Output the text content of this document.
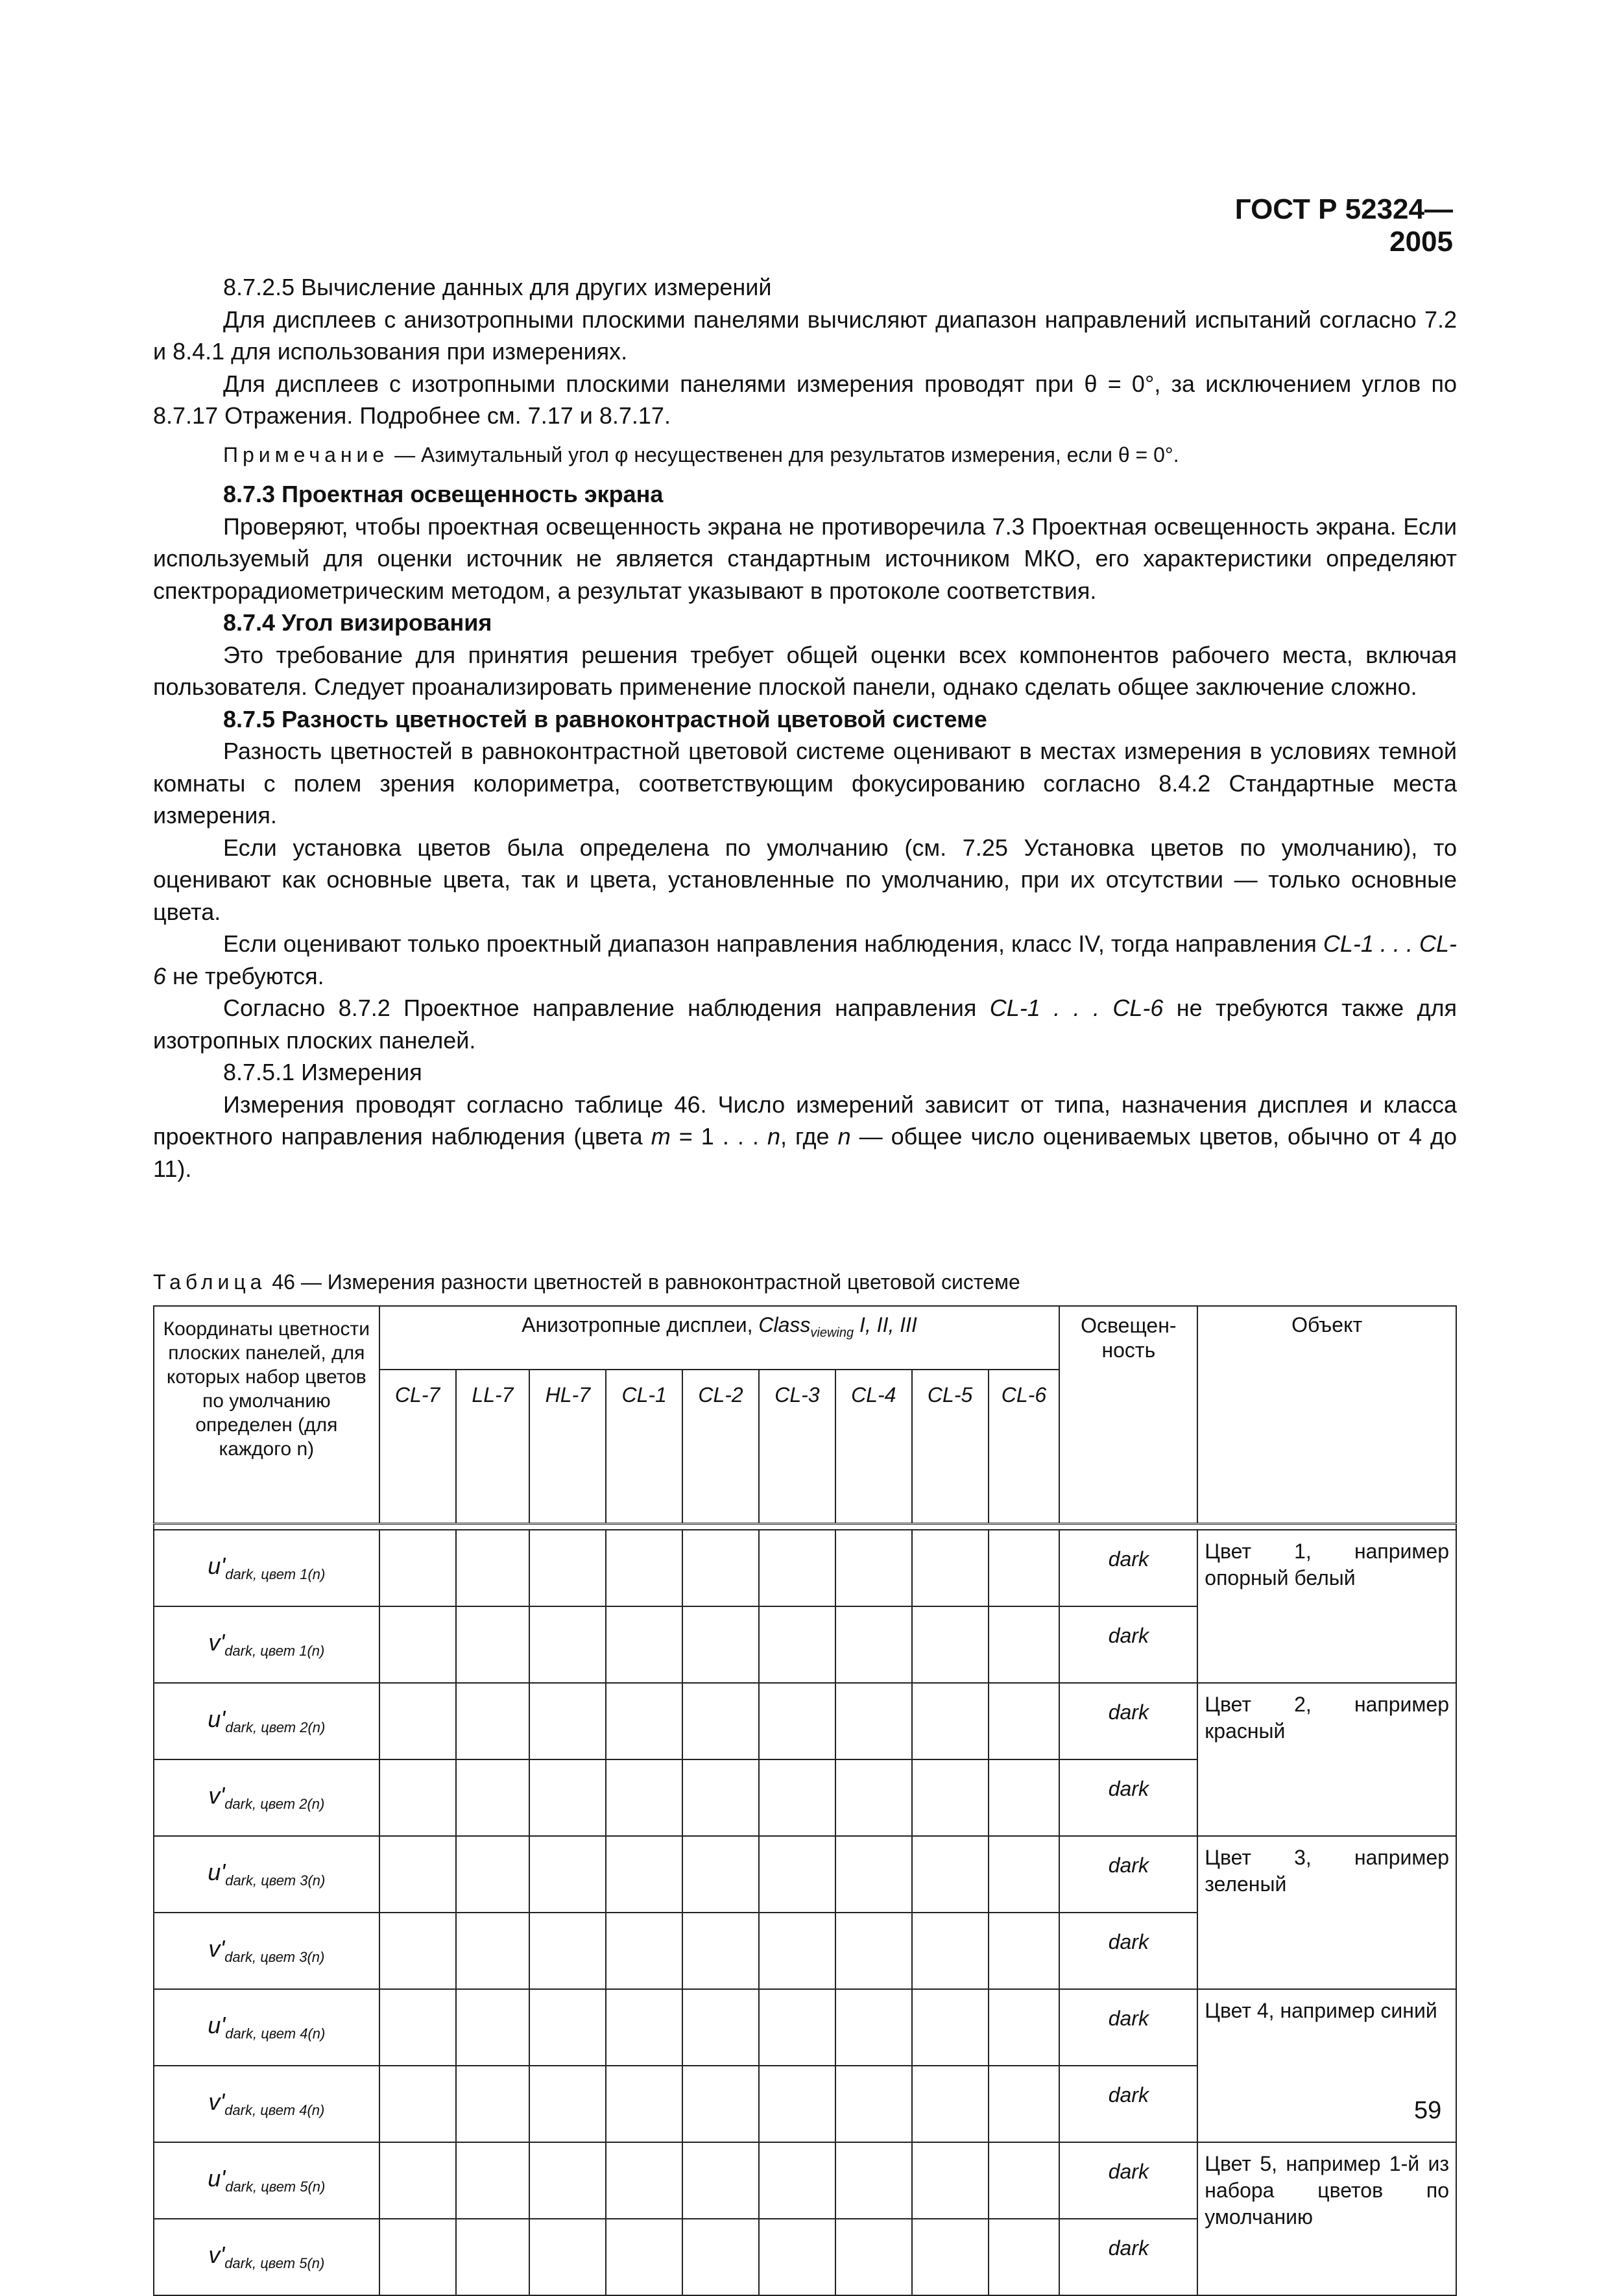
ГОСТ Р 52324—2005

8.7.2.5 Вычисление данных для других измерений

Для дисплеев с анизотропными плоскими панелями вычисляют диапазон направлений испытаний согласно 7.2 и 8.4.1 для использования при измерениях.

Для дисплеев с изотропными плоскими панелями измерения проводят при θ = 0°, за исключением углов по 8.7.17 Отражения. Подробнее см. 7.17 и 8.7.17.

Примечание — Азимутальный угол φ несущественен для результатов измерения, если θ = 0°.

8.7.3 Проектная освещенность экрана

Проверяют, чтобы проектная освещенность экрана не противоречила 7.3 Проектная освещенность экрана. Если используемый для оценки источник не является стандартным источником МКО, его характеристики определяют спектрорадиометрическим методом, а результат указывают в протоколе соответствия.

8.7.4 Угол визирования

Это требование для принятия решения требует общей оценки всех компонентов рабочего места, включая пользователя. Следует проанализировать применение плоской панели, однако сделать общее заключение сложно.

8.7.5 Разность цветностей в равноконтрастной цветовой системе

Разность цветностей в равноконтрастной цветовой системе оценивают в местах измерения в условиях темной комнаты с полем зрения колориметра, соответствующим фокусированию согласно 8.4.2 Стандартные места измерения.

Если установка цветов была определена по умолчанию (см. 7.25 Установка цветов по умолчанию), то оценивают как основные цвета, так и цвета, установленные по умолчанию, при их отсутствии — только основные цвета.

Если оценивают только проектный диапазон направления наблюдения, класс IV, тогда направления CL-1 . . . CL-6 не требуются.

Согласно 8.7.2 Проектное направление наблюдения направления CL-1 . . . CL-6 не требуются также для изотропных плоских панелей.

8.7.5.1 Измерения

Измерения проводят согласно таблице 46. Число измерений зависит от типа, назначения дисплея и класса проектного направления наблюдения (цвета m = 1 . . . n, где n — общее число оцениваемых цветов, обычно от 4 до 11).

Таблица 46 — Измерения разности цветностей в равноконтрастной цветовой системе
Координаты цветности плоских панелей, для которых набор цветов по умолчанию определен (для каждого n)	Анизотропные дисплеи, Class$_{viewing}$ I, II, III									Освещен-ность	Объект
	CL-7	LL-7	HL-7	CL-1	CL-2	CL-3	CL-4	CL-5	CL-6		

$u'_{dark, цвет 1(n)}$										dark	Цвет 1, например опорный белый
$v'_{dark, цвет 1(n)}$										dark	
$u'_{dark, цвет 2(n)}$										dark	Цвет 2, например красный
$v'_{dark, цвет 2(n)}$										dark	
$u'_{dark, цвет 3(n)}$										dark	Цвет 3, например зеленый
$v'_{dark, цвет 3(n)}$										dark	
$u'_{dark, цвет 4(n)}$										dark	Цвет 4, например синий
$v'_{dark, цвет 4(n)}$										dark	
$u'_{dark, цвет 5(n)}$										dark	Цвет 5, например 1-й из набора цветов по умолчанию
$v'_{dark, цвет 5(n)}$										dark	
59
